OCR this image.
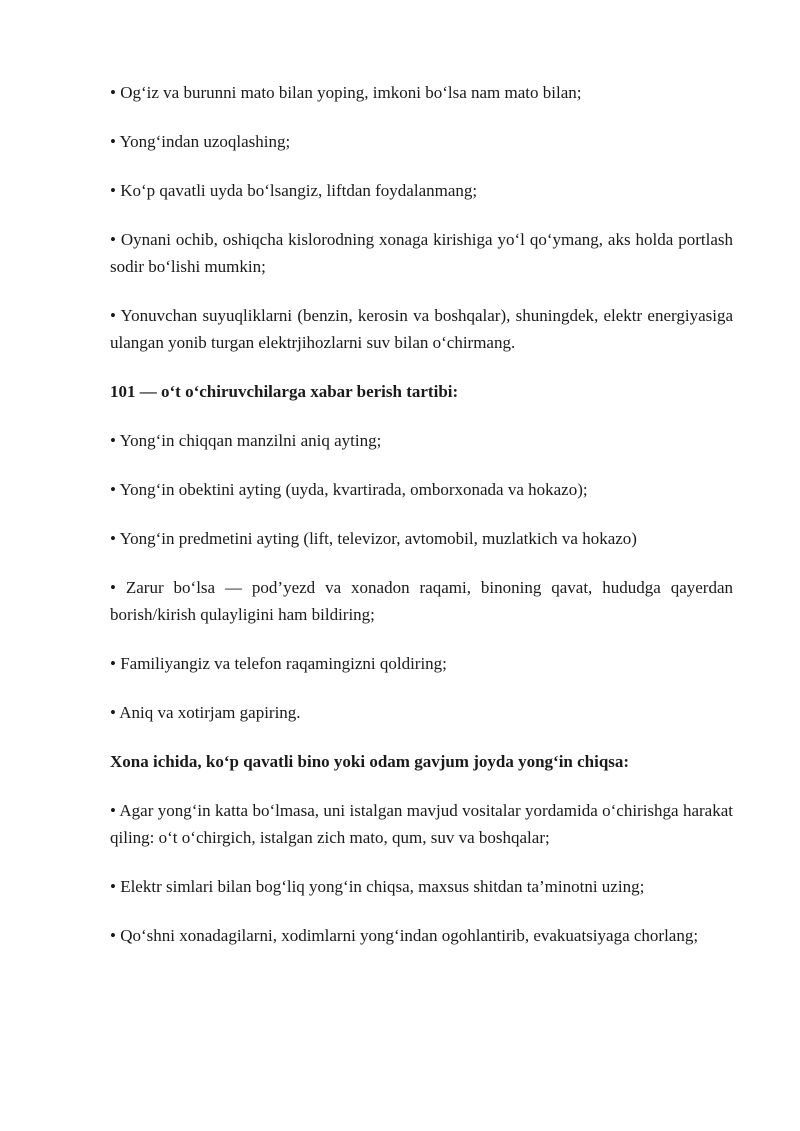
• Og‘iz va burunni mato bilan yoping, imkoni bo‘lsa nam mato bilan;

• Yong‘indan uzoqlashing;

• Ko‘p qavatli uyda bo‘lsangiz, liftdan foydalanmang;

• Oynani ochib, oshiqcha kislorodning xonaga kirishiga yo‘l qo‘ymang, aks holda portlash sodir bo‘lishi mumkin;

• Yonuvchan suyuqliklarni (benzin, kerosin va boshqalar), shuningdek, elektr energiyasiga ulangan yonib turgan elektrjihozlarni suv bilan o‘chirmang.

101 — o‘t o‘chiruvchilarga xabar berish tartibi:

• Yong‘in chiqqan manzilni aniq ayting;

• Yong‘in obektini ayting (uyda, kvartirada, omborxonada va hokazo);

• Yong‘in predmetini ayting (lift, televizor, avtomobil, muzlatkich va hokazo)

• Zarur bo‘lsa — pod’yezd va xonadon raqami, binoning qavat, hududga qayerdan borish/kirish qulayligini ham bildiring;

• Familiyangiz va telefon raqamingizni qoldiring;

• Aniq va xotirjam gapiring.

Xona ichida, ko‘p qavatli bino yoki odam gavjum joyda yong‘in chiqsa:

• Agar yong‘in katta bo‘lmasa, uni istalgan mavjud vositalar yordamida o‘chirishga harakat qiling: o‘t o‘chirgich, istalgan zich mato, qum, suv va boshqalar;

• Elektr simlari bilan bog‘liq yong‘in chiqsa, maxsus shitdan ta’minotni uzing;

• Qo‘shni xonadagilarni, xodimlarni yong‘indan ogohlantirib, evakuatsiyaga chorlang;
